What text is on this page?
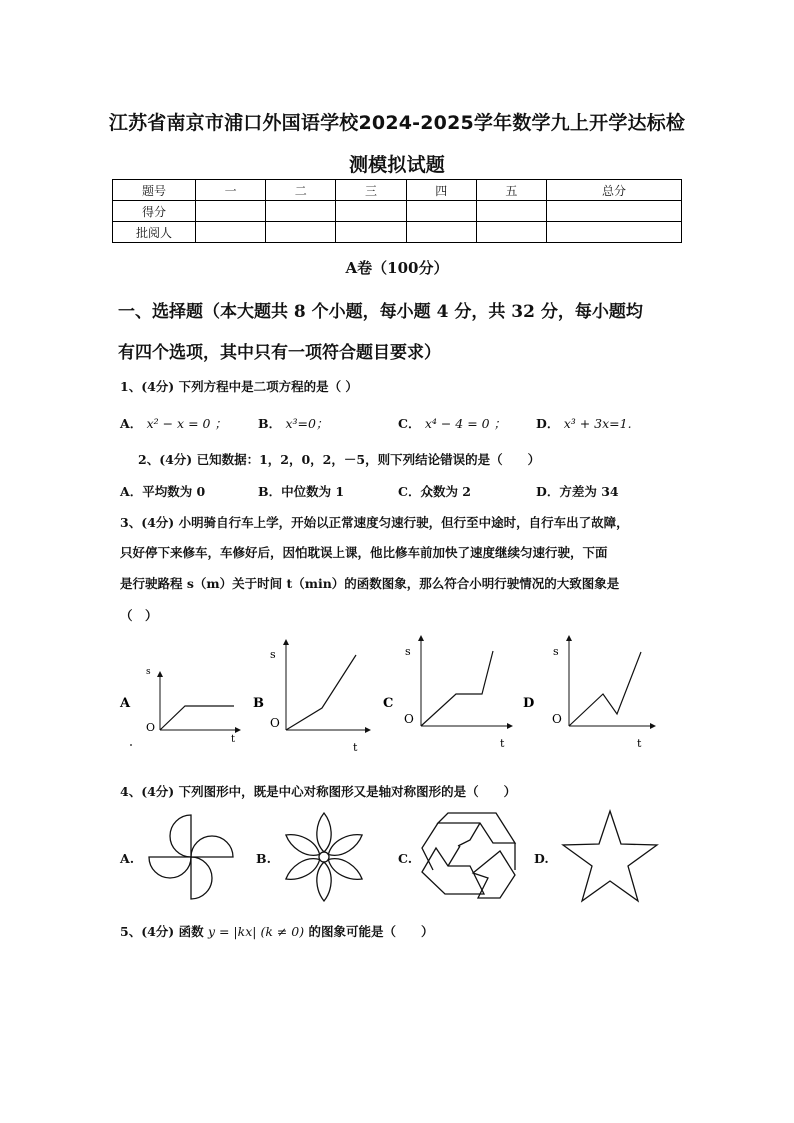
江苏省南京市浦口外国语学校2024-2025学年数学九上开学达标检
测模拟试题
题号	一	二	三	四	五	总分
得分						
批阅人						
A卷（100分）
一、选择题（本大题共 8 个小题，每小题 4 分，共 32 分，每小题均
有四个选项，其中只有一项符合题目要求）
1、(4分) 下列方程中是二项方程的是（ ）
A． x² − x = 0 ； B． x³=0；	C． x⁴ − 4 = 0 ； D． x³ + 3x=1.
2、(4分) 已知数据：1，2，0，2，－5，则下列结论错误的是（　　）
A．平均数为 0	B．中位数为 1	C．众数为 2	D．方差为 34
3、(4分) 小明骑自行车上学，开始以正常速度匀速行驶，但行至中途时，自行车出了故障，
只好停下来修车，车修好后，因怕耽误上课，他比修车前加快了速度继续匀速行驶，下面
是行驶路程 s（m）关于时间 t（min）的函数图象，那么符合小明行驶情况的大致图象是
（　）
A
s
t
O
B
s
t
O
C
s
t
O
D
s
t
O
4、(4分) 下列图形中，既是中心对称图形又是轴对称图形的是（　　）
A.	B.	C.	D.
5、(4分) 函数 y = |kx| (k ≠ 0) 的图象可能是（　　）
